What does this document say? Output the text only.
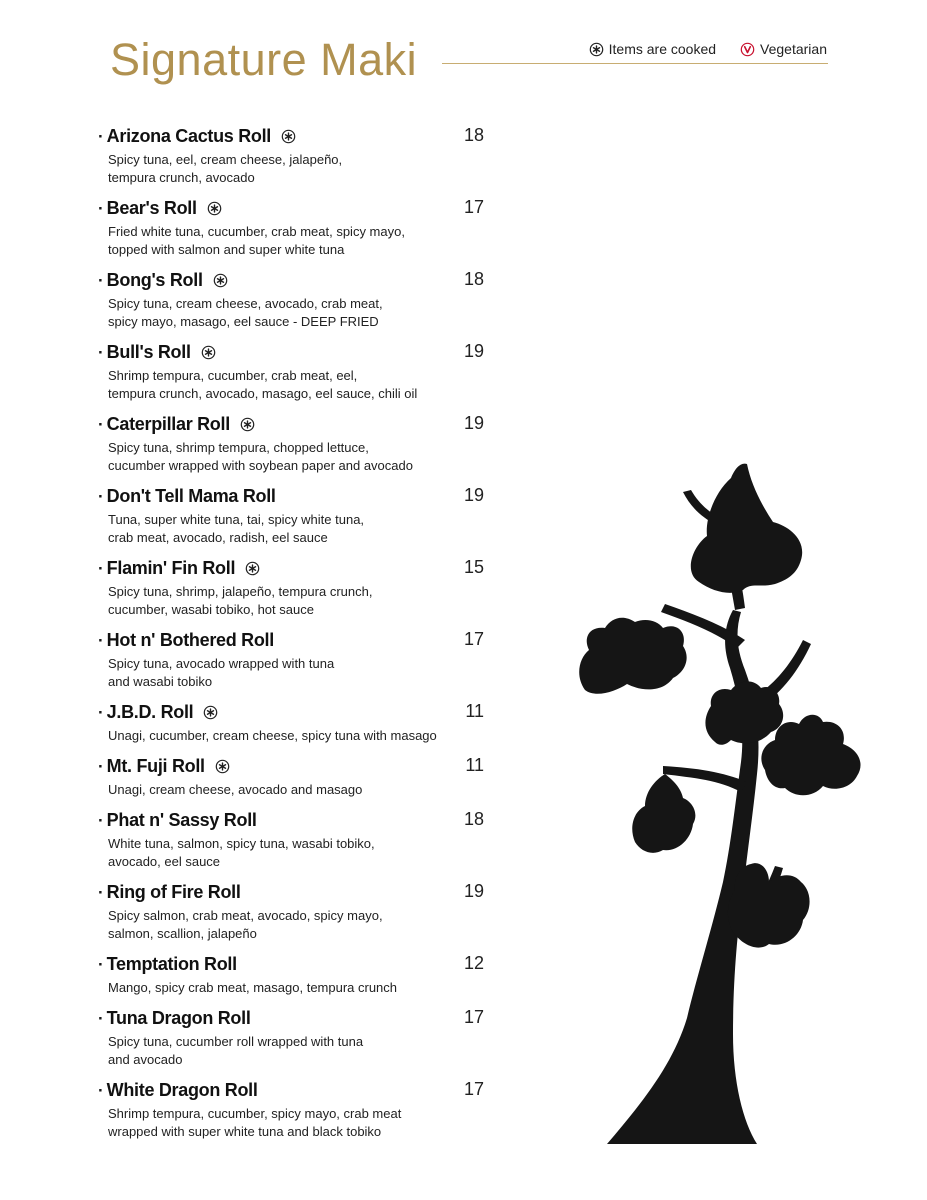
Signature Maki	Items are cooked	Vegetarian
· Arizona Cactus Roll	18
Spicy tuna, eel, cream cheese, jalapeño,
tempura crunch, avocado
· Bear's Roll	17
Fried white tuna, cucumber, crab meat, spicy mayo,
topped with salmon and super white tuna
· Bong's Roll	18
Spicy tuna, cream cheese, avocado, crab meat,
spicy mayo, masago, eel sauce - DEEP FRIED
· Bull's Roll	19
Shrimp tempura, cucumber, crab meat, eel,
tempura crunch, avocado, masago, eel sauce, chili oil
· Caterpillar Roll	19
Spicy tuna, shrimp tempura, chopped lettuce,
cucumber wrapped with soybean paper and avocado
· Don't Tell Mama Roll	19
Tuna, super white tuna, tai, spicy white tuna,
crab meat, avocado, radish, eel sauce
· Flamin' Fin Roll	15
Spicy tuna, shrimp, jalapeño, tempura crunch,
cucumber, wasabi tobiko, hot sauce
· Hot n' Bothered Roll	17
Spicy tuna, avocado wrapped with tuna
and wasabi tobiko
· J.B.D. Roll	11
Unagi, cucumber, cream cheese, spicy tuna with masago
· Mt. Fuji Roll	11
Unagi, cream cheese, avocado and masago
· Phat n' Sassy Roll	18
White tuna, salmon, spicy tuna, wasabi tobiko,
avocado, eel sauce
· Ring of Fire Roll	19
Spicy salmon, crab meat, avocado, spicy mayo,
salmon, scallion, jalapeño
· Temptation Roll	12
Mango, spicy crab meat, masago, tempura crunch
· Tuna Dragon Roll	17
Spicy tuna, cucumber roll wrapped with tuna
and avocado
· White Dragon Roll	17
Shrimp tempura, cucumber, spicy mayo, crab meat
wrapped with super white tuna and black tobiko
